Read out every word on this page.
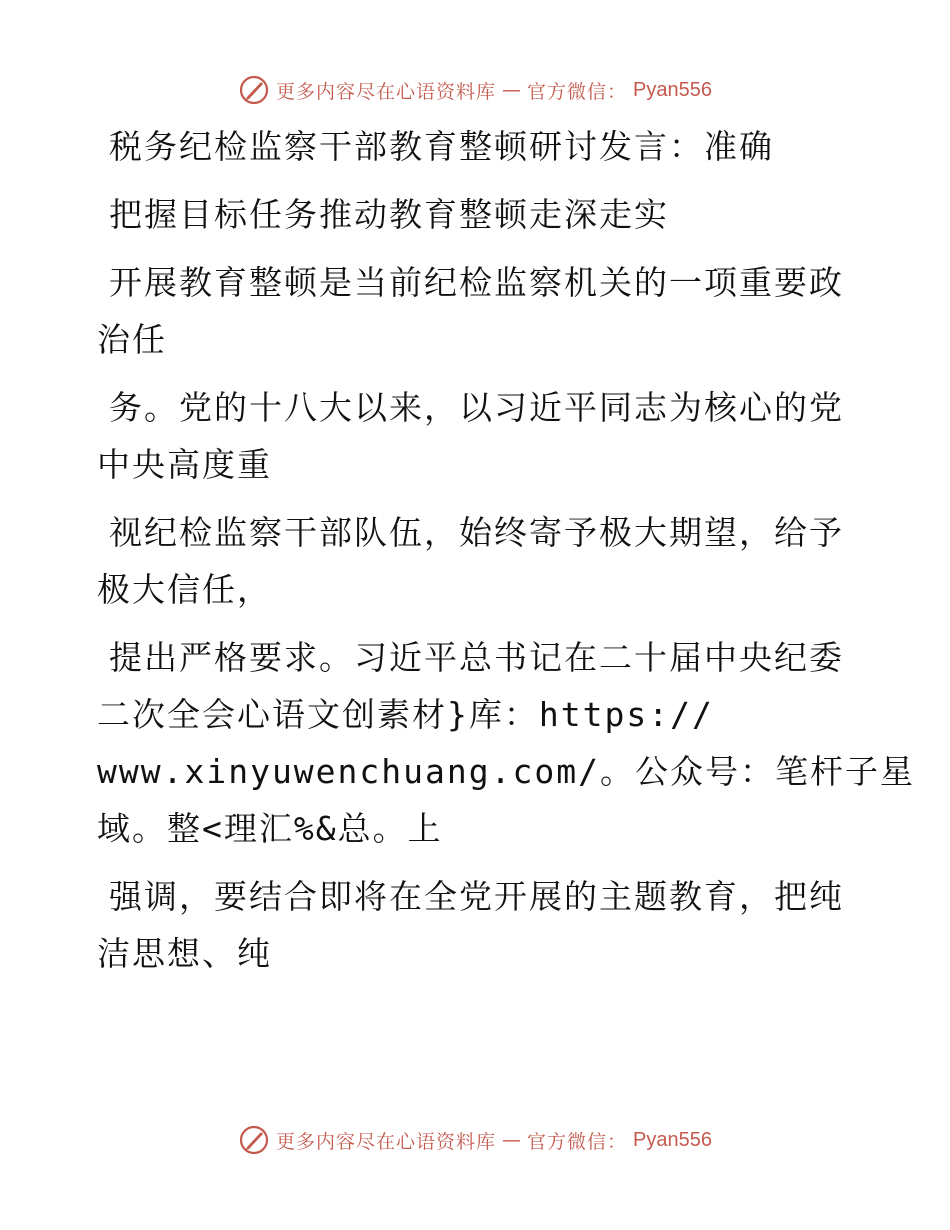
更多内容尽在心语资料库 — 官方微信： Pyan556

税务纪检监察干部教育整顿研讨发言：准确

把握目标任务推动教育整顿走深走实

开展教育整顿是当前纪检监察机关的一项重要政

治任

务。党的十八大以来，以习近平同志为核心的党

中央高度重

视纪检监察干部队伍，始终寄予极大期望，给予

极大信任，

提出严格要求。习近平总书记在二十届中央纪委

二次全会心语文创素材}库：https://

www.xinyuwenchuang.com/。公众号：笔杆子星

域。整<理汇%&总。上

强调，要结合即将在全党开展的主题教育，把纯

洁思想、纯

更多内容尽在心语资料库 — 官方微信： Pyan556
